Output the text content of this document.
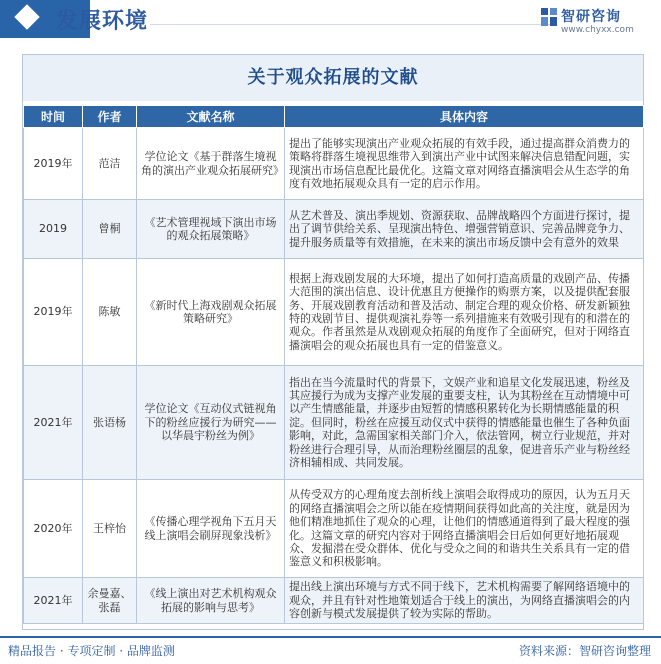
发展环境	智研咨询
www.chyxx.com
关于观众拓展的文献
时间	作者	文献名称	具体内容
2019年	范洁	学位论文《基于群落生境视角的演出产业观众拓展研究》	提出了能够实现演出产业观众拓展的有效手段，通过提高群众消费力的策略将群落生境视思维带入到演出产业中试图来解决信息错配问题，实现演出市场信息配比最优化。这篇文章对网络直播演唱会从生态学的角度有效地拓展观众具有一定的启示作用。
2019	曾桐	《艺术管理视域下演出市场的观众拓展策略》	从艺术普及、演出季规划、资源获取、品牌战略四个方面进行探讨，提出了调节供给关系、呈现演出特色、增强营销意识、完善品牌竞争力、提升服务质量等有效措施，在未来的演出市场反馈中会有意外的效果
2019年	陈敏	《新时代上海戏剧观众拓展策略研究》	根据上海戏剧发展的大环境，提出了如何打造高质量的戏剧产品、传播大范围的演出信息、设计优惠且方便操作的购票方案，以及提供配套服务、开展戏剧教育活动和普及活动、制定合理的观众价格、研发新颖独特的戏剧节目、提供观演礼券等一系列措施来有效吸引现有的和潜在的观众。作者虽然是从戏剧观众拓展的角度作了全面研究，但对于网络直播演唱会的观众拓展也具有一定的借鉴意义。
2021年	张语杨	学位论文《互动仪式链视角下的粉丝应援行为研究——以华晨宇粉丝为例》	指出在当今流量时代的背景下，文娱产业和追星文化发展迅速，粉丝及其应援行为成为支撑产业发展的重要支柱，认为其粉丝在互动情境中可以产生情感能量，并逐步由短暂的情感积累转化为长期情感能量的积淀。但同时，粉丝在应援互动仪式中获得的情感能量也催生了各种负面影响，对此，急需国家相关部门介入，依法管网，树立行业规范，并对粉丝进行合理引导，从而治理粉丝圈层的乱象，促进音乐产业与粉丝经济相辅相成、共同发展。
2020年	王梓怡	《传播心理学视角下五月天线上演唱会刷屏现象浅析》	从传受双方的心理角度去剖析线上演唱会取得成功的原因，认为五月天的网络直播演唱会之所以能在疫情期间获得如此高的关注度，就是因为他们精准地抓住了观众的心理，让他们的情感通道得到了最大程度的强化。这篇文章的研究内容对于网络直播演唱会日后如何更好地拓展观众、发掘潜在受众群体、优化与受众之间的和谐共生关系具有一定的借鉴意义和积极影响。
2021年	余曼嘉、张磊	《线上演出对艺术机构观众拓展的影响与思考》	提出线上演出环境与方式不同于线下，艺术机构需要了解网络语境中的观众，并且有针对性地策划适合于线上的演出，为网络直播演唱会的内容创新与模式发展提供了较为实际的帮助。
精品报告 · 专项定制 · 品牌监测	资料来源：智研咨询整理
